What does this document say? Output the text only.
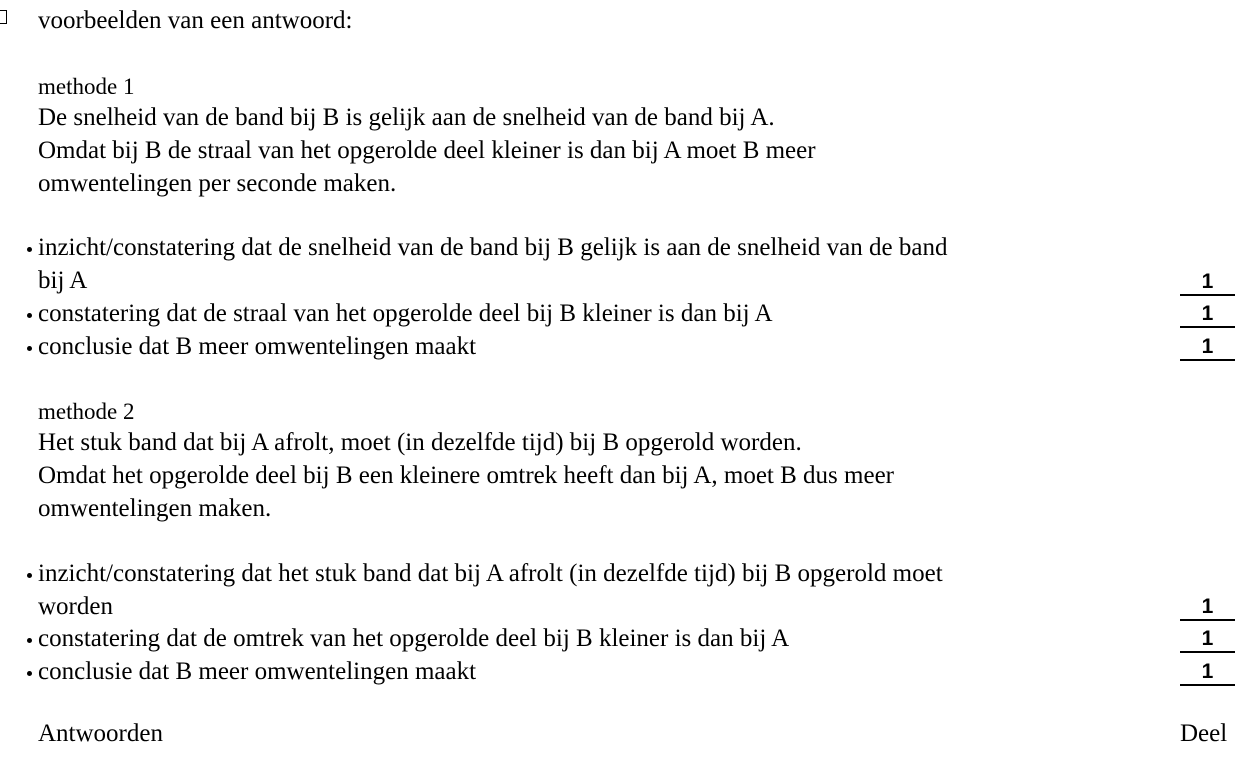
voorbeelden van een antwoord:
methode 1
De snelheid van de band bij B is gelijk aan de snelheid van de band bij A.
Omdat bij B de straal van het opgerolde deel kleiner is dan bij A moet B meer
omwentelingen per seconde maken.
inzicht/constatering dat de snelheid van de band bij B gelijk is aan de snelheid van de band
bij A	1
constatering dat de straal van het opgerolde deel bij B kleiner is dan bij A	1
conclusie dat B meer omwentelingen maakt	1
methode 2
Het stuk band dat bij A afrolt, moet (in dezelfde tijd) bij B opgerold worden.
Omdat het opgerolde deel bij B een kleinere omtrek heeft dan bij A, moet B dus meer
omwentelingen maken.
inzicht/constatering dat het stuk band dat bij A afrolt (in dezelfde tijd) bij B opgerold moet
worden	1
constatering dat de omtrek van het opgerolde deel bij B kleiner is dan bij A	1
conclusie dat B meer omwentelingen maakt	1
Antwoorden	Deel
